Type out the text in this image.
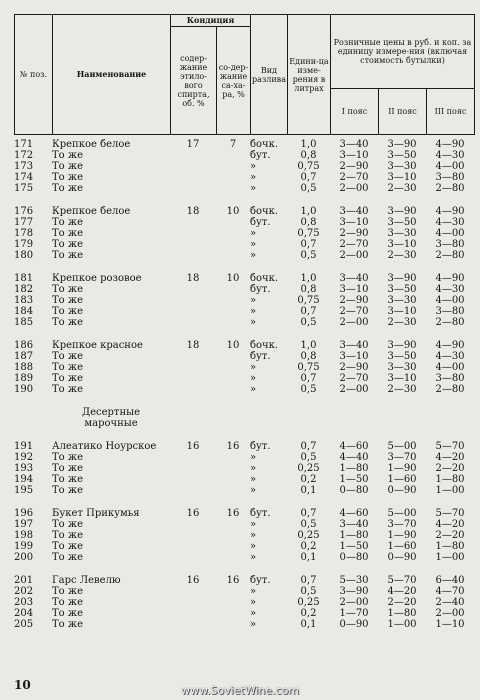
№ поз.	Наименование	Кондиция		Вид разлива	Едини-ца изме-рения в литрах	Розничные цены в руб. и коп. за единицу измере-ния (включая стоимость бутылки)		
		содер-жание этило-вого спирта, об. %	со-дер-жание са-ха-ра, %					
						I пояс	II пояс	III пояс
171	Крепкое белое	17	7	бочк.	1,0	3—40	3—90	4—90
172	То же			бут.	0,8	3—10	3—50	4—30
173	То же			»	0,75	2—90	3—30	4—00
174	То же			»	0,7	2—70	3—10	3—80
175	То же			»	0,5	2—00	2—30	2—80

176	Крепкое белое	18	10	бочк.	1,0	3—40	3—90	4—90
177	То же			бут.	0,8	3—10	3—50	4—30
178	То же			»	0,75	2—90	3—30	4—00
179	То же			»	0,7	2—70	3—10	3—80
180	То же			»	0,5	2—00	2—30	2—80

181	Крепкое розовое	18	10	бочк.	1,0	3—40	3—90	4—90
182	То же			бут.	0,8	3—10	3—50	4—30
183	То же			»	0,75	2—90	3—30	4—00
184	То же			»	0,7	2—70	3—10	3—80
185	То же			»	0,5	2—00	2—30	2—80

186	Крепкое красное	18	10	бочк.	1,0	3—40	3—90	4—90
187	То же			бут.	0,8	3—10	3—50	4—30
188	То же			»	0,75	2—90	3—30	4—00
189	То же			»	0,7	2—70	3—10	3—80
190	То же			»	0,5	2—00	2—30	2—80

	Десертные							
	марочные							

191	Алеатико Ноурское	16	16	бут.	0,7	4—60	5—00	5—70
192	То же			»	0,5	4—40	3—70	4—20
193	То же			»	0,25	1—80	1—90	2—20
194	То же			»	0,2	1—50	1—60	1—80
195	То же			»	0,1	0—80	0—90	1—00

196	Букет Прикумья	16	16	бут.	0,7	4—60	5—00	5—70
197	То же			»	0,5	3—40	3—70	4—20
198	То же			»	0,25	1—80	1—90	2—20
199	То же			»	0,2	1—50	1—60	1—80
200	То же			»	0,1	0—80	0—90	1—00

201	Гарс Левелю	16	16	бут.	0,7	5—30	5—70	6—40
202	То же			»	0,5	3—90	4—20	4—70
203	То же			»	0,25	2—00	2—20	2—40
204	То же			»	0,2	1—70	1—80	2—00
205	То же			»	0,1	0—90	1—00	1—10
10	www.SovietWine.com
